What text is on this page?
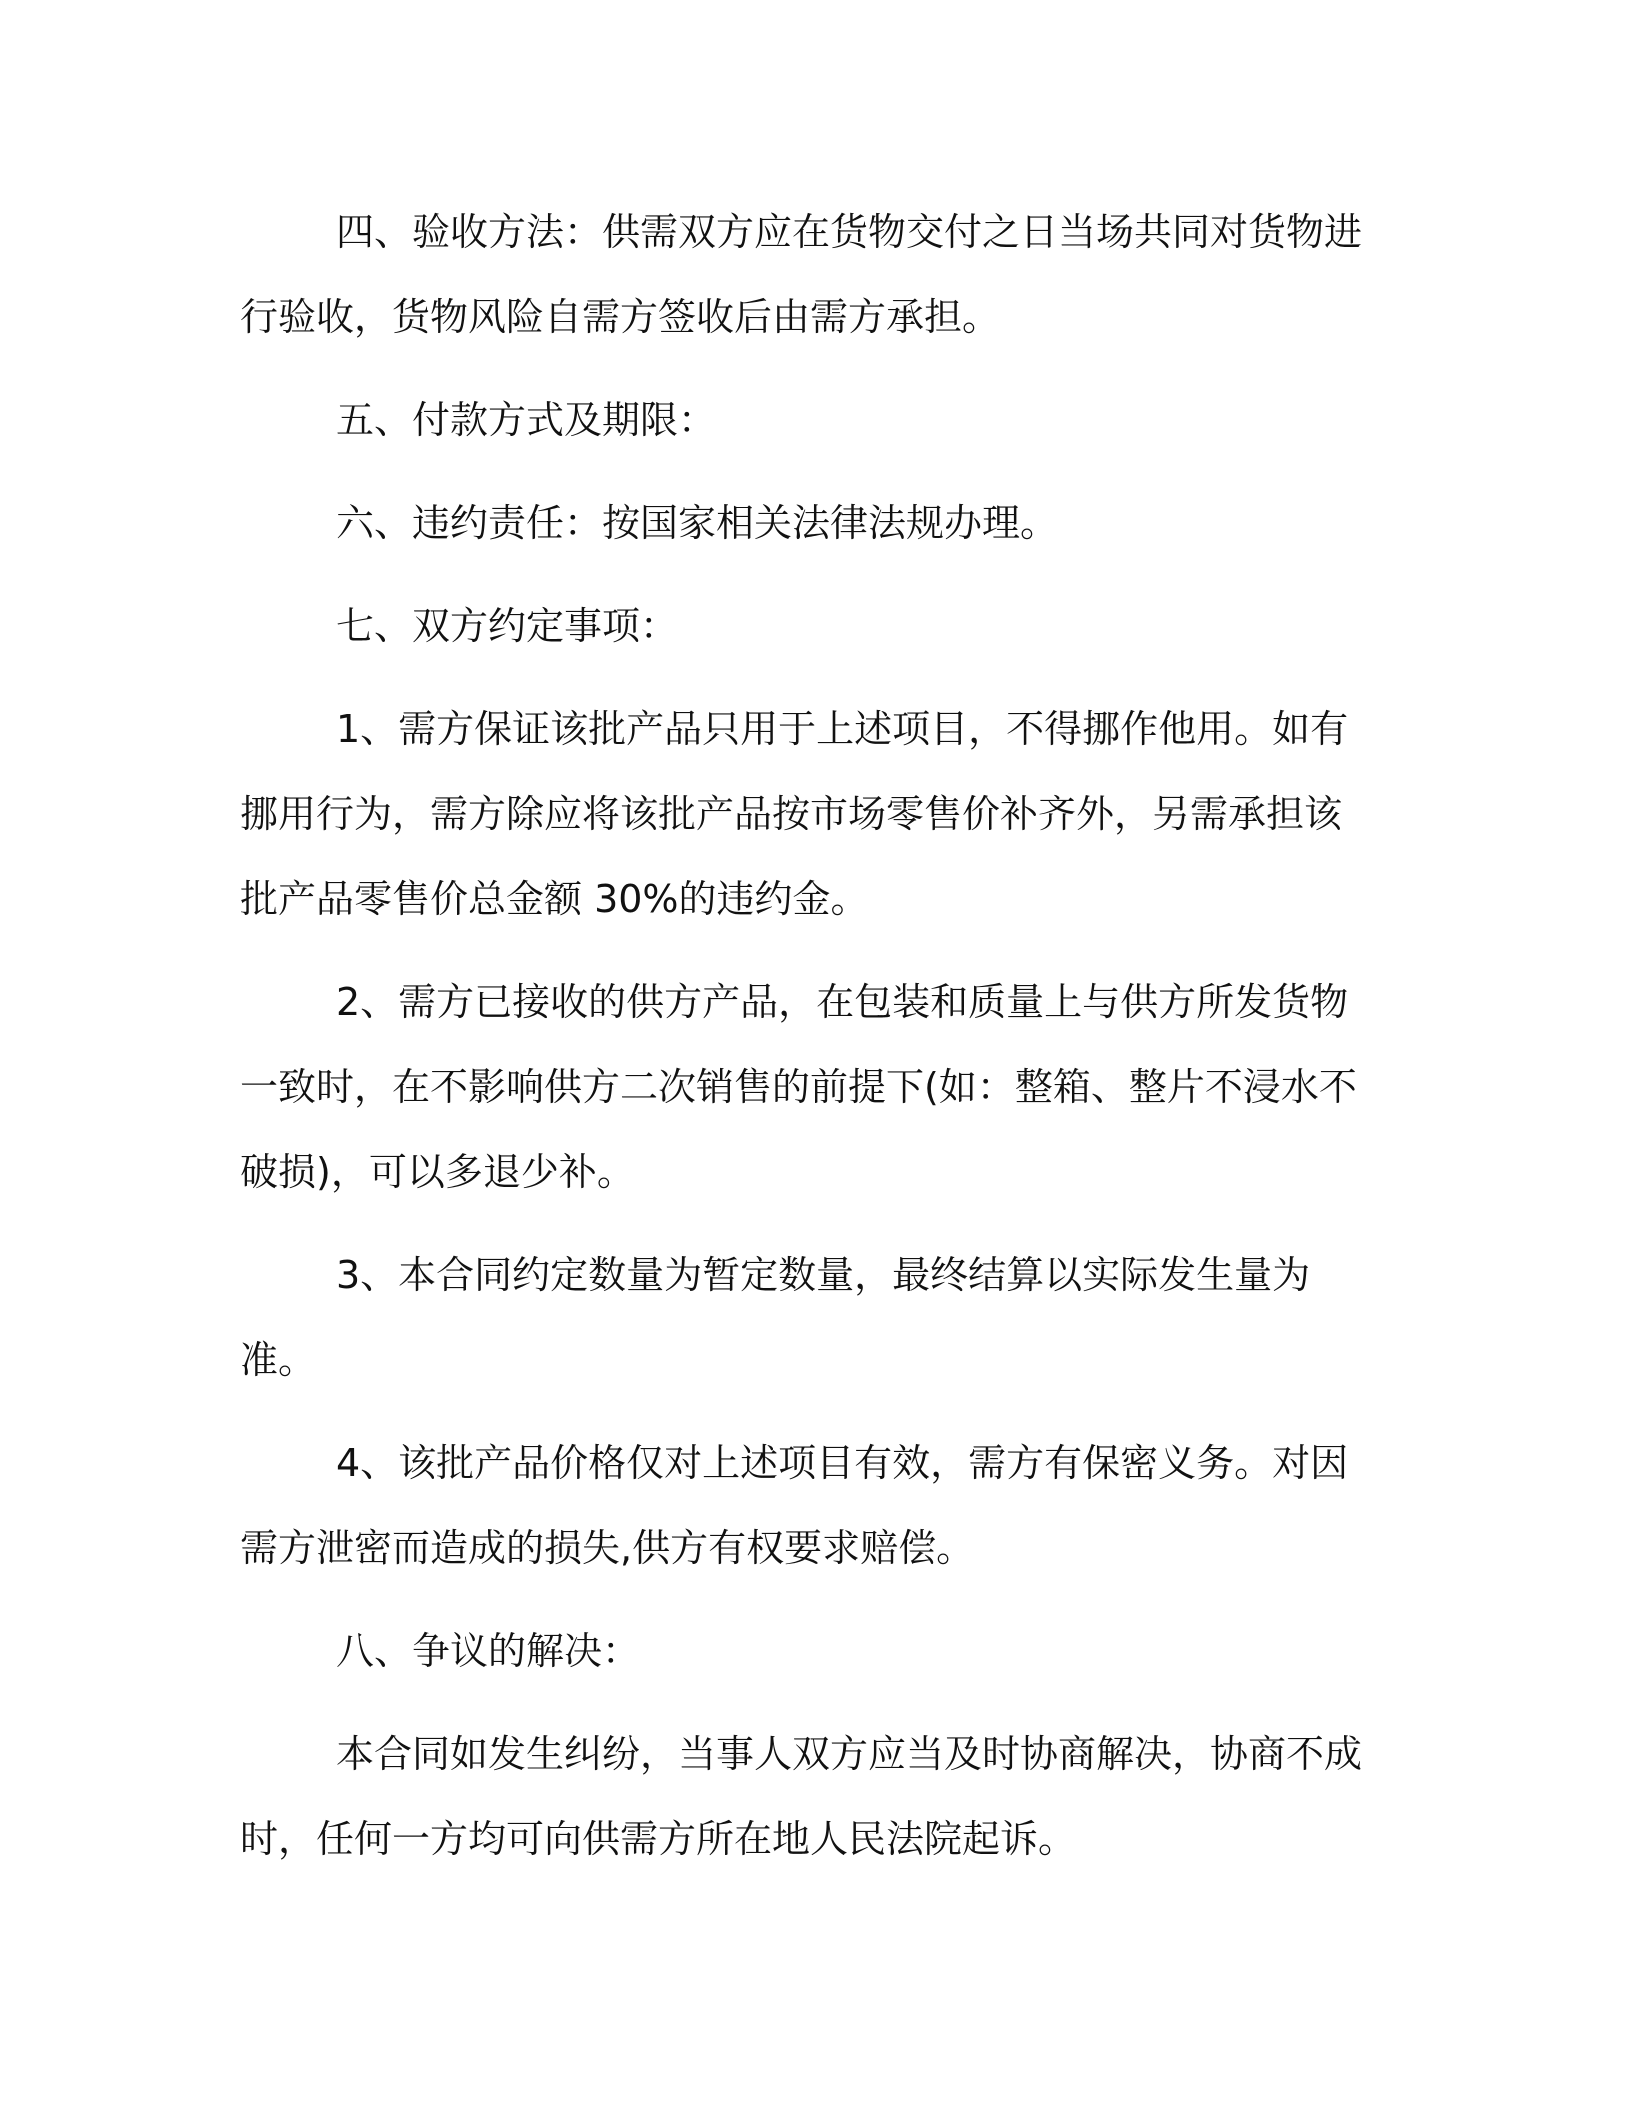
四、验收方法：供需双方应在货物交付之日当场共同对货物进行验收，货物风险自需方签收后由需方承担。

五、付款方式及期限：

六、违约责任：按国家相关法律法规办理。

七、双方约定事项：

1、需方保证该批产品只用于上述项目，不得挪作他用。如有挪用行为，需方除应将该批产品按市场零售价补齐外，另需承担该批产品零售价总金额 30%的违约金。

2、需方已接收的供方产品，在包装和质量上与供方所发货物一致时，在不影响供方二次销售的前提下(如：整箱、整片不浸水不破损)，可以多退少补。

3、本合同约定数量为暂定数量，最终结算以实际发生量为准。

4、该批产品价格仅对上述项目有效，需方有保密义务。对因需方泄密而造成的损失,供方有权要求赔偿。

八、争议的解决：

本合同如发生纠纷，当事人双方应当及时协商解决，协商不成时，任何一方均可向供需方所在地人民法院起诉。
